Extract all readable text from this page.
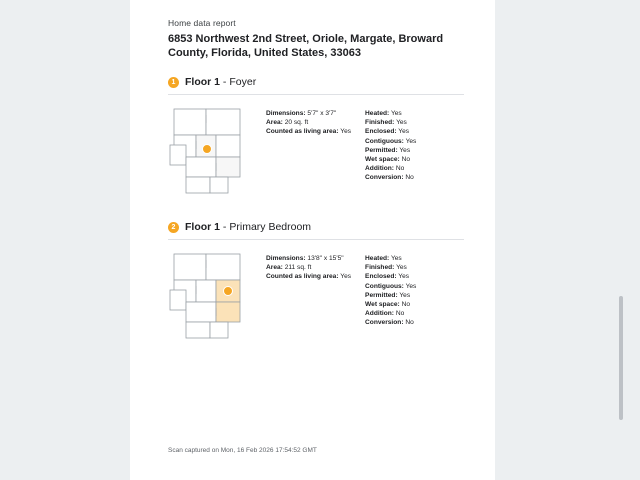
Home data report
6853 Northwest 2nd Street, Oriole, Margate, Broward County, Florida, United States, 33063
1 Floor 1 - Foyer
Dimensions: 5'7" x 3'7"
Area: 20 sq. ft
Counted as living area: Yes
Heated: Yes
Finished: Yes
Enclosed: Yes
Contiguous: Yes
Permitted: Yes
Wet space: No
Addition: No
Conversion: No
2 Floor 1 - Primary Bedroom
Dimensions: 13'8" x 15'5"
Area: 211 sq. ft
Counted as living area: Yes
Heated: Yes
Finished: Yes
Enclosed: Yes
Contiguous: Yes
Permitted: Yes
Wet space: No
Addition: No
Conversion: No
Scan captured on Mon, 16 Feb 2026 17:54:52 GMT
